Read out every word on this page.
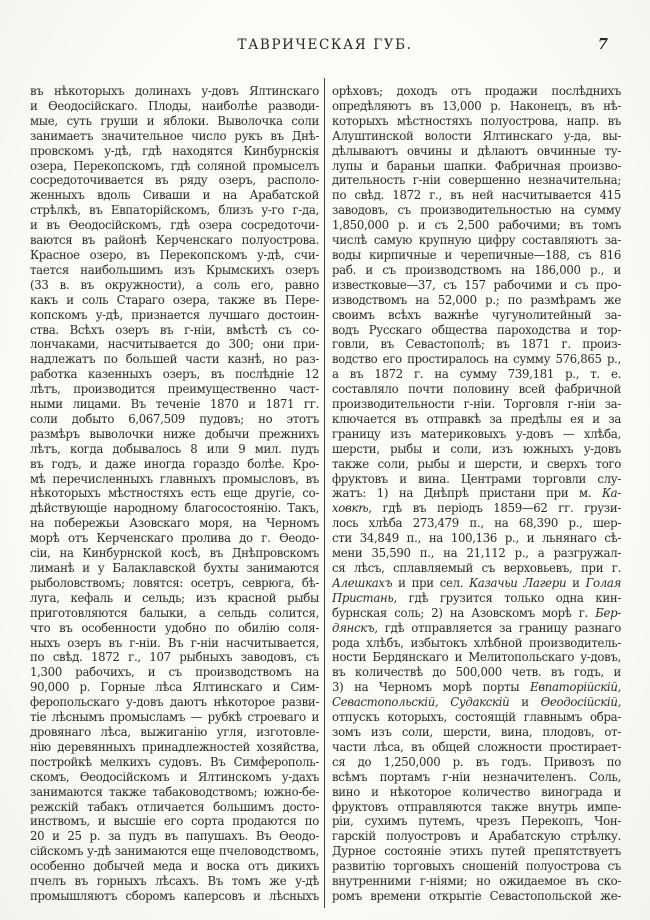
ТАВРИЧЕСКАЯ ГУБ.	7
въ нѣкоторыхъ долинахъ у-довъ Ялтинскаго
и Ѳеодосійскаго. Плоды, наиболѣе разводи-
мые, суть груши и яблоки. Выволочка соли
занимаетъ значительное число рукъ въ Днѣ-
провскомъ у-дѣ, гдѣ находятся Кинбурнскія
озера, Перекопскомъ, гдѣ соляной промыселъ
сосредоточивается въ ряду озеръ, располо-
женныхъ вдоль Сиваши и на Арабатской
стрѣлкѣ, въ Евпаторійскомъ, близъ у-го г-да,
и въ Ѳеодосійскомъ, гдѣ озера сосредоточи-
ваются въ районѣ Керченскаго полуострова.
Красное озеро, въ Перекопскомъ у-дѣ, счи-
тается наибольшимъ изъ Крымскихъ озеръ
(33 в. въ окружности), а соль его, равно
какъ и соль Стараго озера, также въ Пере-
копскомъ у-дѣ, признается лучшаго достоин-
ства. Всѣхъ озеръ въ г-ніи, вмѣстѣ съ со-
лончаками, насчитывается до 300; они при-
надлежатъ по большей части казнѣ, но раз-
работка казенныхъ озеръ, въ послѣдніе 12
лѣтъ, производится преимущественно част-
ными лицами. Въ теченіе 1870 и 1871 гг.
соли добыто 6,067,509 пудовъ; но этотъ
размѣръ выволочки ниже добычи прежнихъ
лѣтъ, когда добывалось 8 или 9 мил. пудъ
въ годъ, и даже иногда гораздо болѣе. Кро-
мѣ перечисленныхъ главныхъ промысловъ, въ
нѣкоторыхъ мѣстностяхъ есть еще другіе, со-
дѣйствующіе народному благосостоянію. Такъ,
на побережьи Азовскаго моря, на Черномъ
морѣ отъ Керченскаго пролива до г. Ѳеодо-
сіи, на Кинбурнской косѣ, въ Днѣпровскомъ
лиманѣ и у Балаклавской бухты занимаются
рыболовствомъ; ловятся: осетръ, севрюга, бѣ-
луга, кефаль и сельдь; изъ красной рыбы
приготовляются балыки, а сельдь солится,
что въ особенности удобно по обилію соля-
ныхъ озеръ въ г-ніи. Въ г-ніи насчитывается,
по свѣд. 1872 г., 107 рыбныхъ заводовъ, съ
1,300 рабочихъ, и съ производствомъ на
90,000 р. Горные лѣса Ялтинскаго и Сим-
феропольскаго у-довъ даютъ нѣкоторое разви-
тіе лѣснымъ промысламъ — рубкѣ строеваго и
дровянаго лѣса, выжиганію угля, изготовле-
нію деревянныхъ принадлежностей хозяйства,
постройкѣ мелкихъ судовъ. Въ Симферополь-
скомъ, Ѳеодосійскомъ и Ялтинскомъ у-дахъ
занимаются также табаководствомъ; южно-бе-
режскій табакъ отличается большимъ досто-
инствомъ, и высшіе его сорта продаются по
20 и 25 р. за пудъ въ папушахъ. Въ Ѳеодо-
сійскомъ у-дѣ занимаются еще пчеловодствомъ,
особенно добычей меда и воска отъ дикихъ
пчелъ въ горныхъ лѣсахъ. Въ томъ же у-дѣ
промышляютъ сборомъ каперсовъ и лѣсныхъ
орѣховъ; доходъ отъ продажи послѣднихъ
опредѣляютъ въ 13,000 р. Наконецъ, въ нѣ-
которыхъ мѣстностяхъ полуострова, напр. въ
Алуштинской волости Ялтинскаго у-да, вы-
дѣлываютъ овчины и дѣлаютъ овчинные ту-
лупы и бараньи шапки. Фабричная произво-
дительность г-ніи совершенно незначительна;
по свѣд. 1872 г., въ ней насчитывается 415
заводовъ, съ производительностью на сумму
1,850,000 р. и съ 2,500 рабочими; въ томъ
числѣ самую крупную цифру составляютъ за-
воды кирпичные и черепичные—188, съ 816
раб. и съ производствомъ на 186,000 р., и
известковые—37, съ 157 рабочими и съ про-
изводствомъ на 52,000 р.; по размѣрамъ же
своимъ всѣхъ важнѣе чугунолитейный за-
водъ Русскаго общества пароходства и тор-
говли, въ Севастополѣ; въ 1871 г. произ-
водство его простиралось на сумму 576,865 р.,
а въ 1872 г. на сумму 739,181 р., т. е.
составляло почти половину всей фабричной
производительности г-ніи. Торговля г-ніи за-
ключается въ отправкѣ за предѣлы ея и за
границу изъ материковыхъ у-довъ — хлѣба,
шерсти, рыбы и соли, изъ южныхъ у-довъ
также соли, рыбы и шерсти, и сверхъ того
фруктовъ и вина. Центрами торговли слу-
жатъ: 1) на Днѣпрѣ пристани при м. Ка-
ховкѣ, гдѣ въ періодъ 1859—62 гг. грузи-
лось хлѣба 273,479 п., на 68,390 р., шер-
сти 34,849 п., на 100,136 р., и льнянаго сѣ-
мени 35,590 п., на 21,112 р., а разгружал-
ся лѣсъ, сплавляемый съ верховьевъ, при г.
Алешкахъ и при сел. Казачьи Лагери и Голая
Пристань, гдѣ грузится только одна кин-
бурнская соль; 2) на Азовскомъ морѣ г. Бер-
дянскъ, гдѣ отправляется за границу разнаго
рода хлѣбъ, избытокъ хлѣбной производитель-
ности Бердянскаго и Мелитопольскаго у-довъ,
въ количествѣ до 500,000 четв. въ годъ, и
3) на Черномъ морѣ порты Евпаторійскій,
Севастопольскій, Судакскій и Ѳеодосійскій,
отпускъ которыхъ, состоящій главнымъ обра-
зомъ изъ соли, шерсти, вина, плодовъ, от-
части лѣса, въ общей сложности простирает-
ся до 1,250,000 р. въ годъ. Привозъ по
всѣмъ портамъ г-ніи незначителенъ. Соль,
вино и нѣкоторое количество винограда и
фруктовъ отправляются также внутрь импе-
ріи, сухимъ путемъ, чрезъ Перекопъ, Чон-
гарскій полуостровъ и Арабатскую стрѣлку.
Дурное состояніе этихъ путей препятствуетъ
развитію торговыхъ сношеній полуострова съ
внутренними г-ніями; но ожидаемое въ ско-
ромъ времени открытіе Севастопольской же-
